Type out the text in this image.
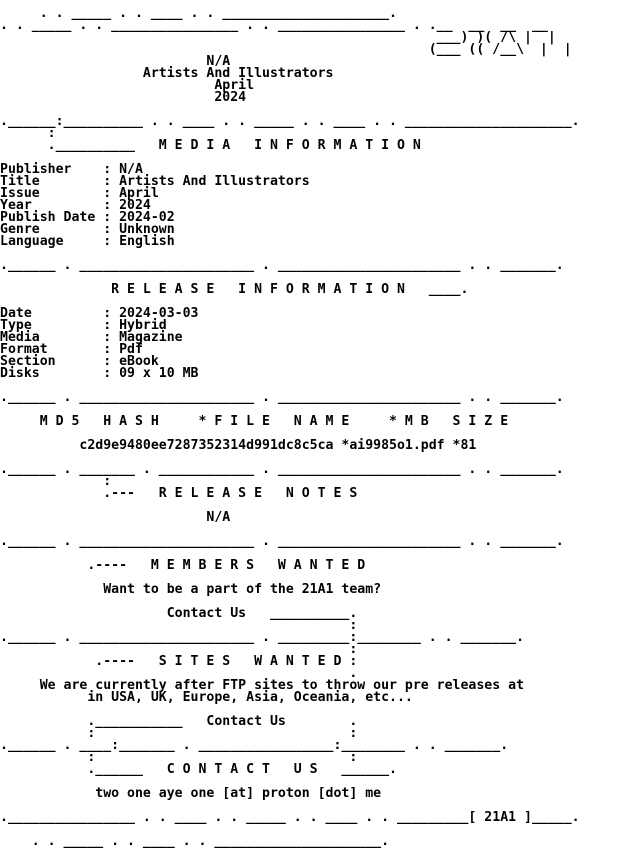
. . _____ . . ____ . . _____________________.
. . _____ . . ________________ . . ________________ . .__  __  __  __
___) )( /\ |  |
(___ (( /__\  |  |
N/A
Artists And Illustrators
April
2024
.______:__________ . . ____ . . _____ . . ____ . . _____________________.
:
.__________   M E D I A   I N F O R M A T I O N
Publisher    : N/A
Title        : Artists And Illustrators
Issue        : April
Year         : 2024
Publish Date : 2024-02
Genre        : Unknown
Language     : English
.______ . ______________________ . _______________________ . . _______.
R E L E A S E   I N F O R M A T I O N   ____.
Date         : 2024-03-03
Type         : Hybrid
Media        : Magazine
Format       : Pdf
Section      : eBook
Disks        : 09 x 10 MB
.______ . ______________________ . _______________________ . . _______.
M D 5   H A S H     * F I L E   N A M E     * M B   S I Z E
c2d9e9480ee7287352314d991dc8c5ca *ai9985o1.pdf *81
.______ . _______ . ____________ . _______________________ . . _______.
:
.---   R E L E A S E   N O T E S
N/A
.______ . ______________________ . _______________________ . . _______.
.----   M E M B E R S   W A N T E D
Want to be a part of the 21A1 team?
Contact Us   __________.
:
.______ . ______________________ . _________:________ . . _______.
:
.----   S I T E S   W A N T E D :
.
We are currently after FTP sites to throw our pre releases at
in USA, UK, Europe, Asia, Oceania, etc...
.___________   Contact Us        .
:                                :
.______ . ____:_______ . _________________:________ . . _______.
:                                :
.______   C O N T A C T   U S   ______.
two one aye one [at] proton [dot] me
.________________ . . ____ . . _____ . . ____ . . _________[ 21A1 ]_____.
. . _____ . . ____ . . _____________________.
